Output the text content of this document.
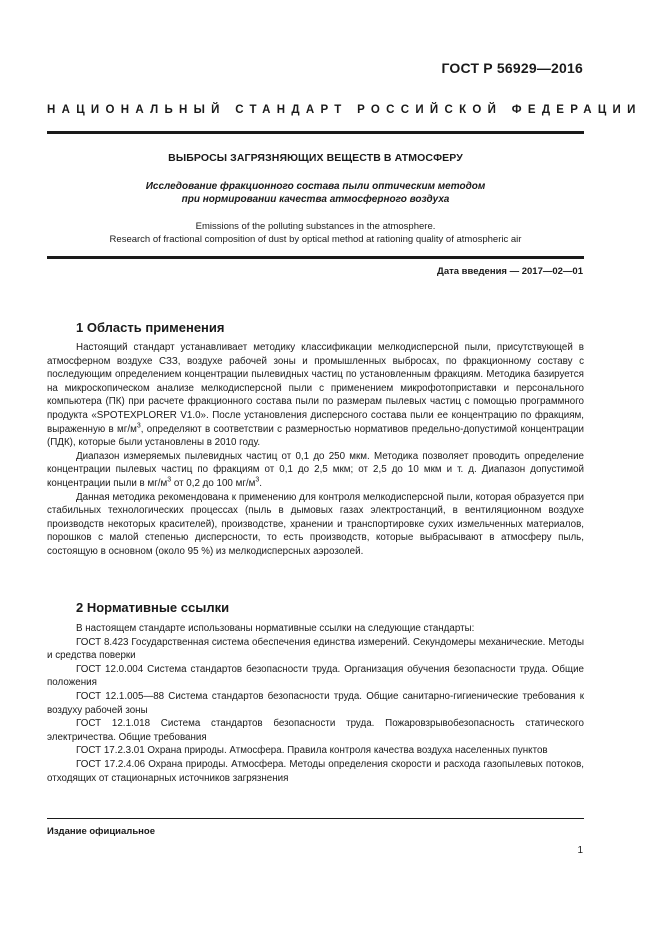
ГОСТ Р 56929—2016
НАЦИОНАЛЬНЫЙ СТАНДАРТ РОССИЙСКОЙ ФЕДЕРАЦИИ
ВЫБРОСЫ ЗАГРЯЗНЯЮЩИХ ВЕЩЕСТВ В АТМОСФЕРУ
Исследование фракционного состава пыли оптическим методом
при нормировании качества атмосферного воздуха
Emissions of the polluting substances in the atmosphere.
Research of fractional composition of dust by optical method at rationing quality of atmospheric air
Дата введения — 2017—02—01
1 Область применения

Настоящий стандарт устанавливает методику классификации мелкодисперсной пыли, присутствующей в атмосферном воздухе СЗЗ, воздухе рабочей зоны и промышленных выбросах, по фракционному составу с последующим определением концентрации пылевидных частиц по установленным фракциям. Методика базируется на микроскопическом анализе мелкодисперсной пыли с применением микрофотоприставки и персонального компьютера (ПК) при расчете фракционного состава пыли по размерам пылевых частиц с помощью программного продукта «SPOTEXPLORER V1.0». После установления дисперсного состава пыли ее концентрацию по фракциям, выраженную в $мг/м^3$, определяют в соответствии с размерностью нормативов предельно-допустимой концентрации (ПДК), которые были установлены в 2010 году.

Диапазон измеряемых пылевидных частиц от 0,1 до 250 мкм. Методика позволяет проводить определение концентрации пылевых частиц по фракциям от 0,1 до 2,5 мкм; от 2,5 до 10 мкм и т. д. Диапазон допустимой концентрации пыли в $мг/м^3$ от 0,2 до 100 $мг/м^3$.

Данная методика рекомендована к применению для контроля мелкодисперсной пыли, которая образуется при стабильных технологических процессах (пыль в дымовых газах электростанций, в вентиляционном воздухе производств некоторых красителей), производстве, хранении и транспортировке сухих измельченных материалов, порошков с малой степенью дисперсности, то есть производств, которые выбрасывают в атмосферу пыль, состоящую в основном (около 95 %) из мелкодисперсных аэрозолей.

2 Нормативные ссылки

В настоящем стандарте использованы нормативные ссылки на следующие стандарты:

ГОСТ 8.423 Государственная система обеспечения единства измерений. Секундомеры механические. Методы и средства поверки

ГОСТ 12.0.004 Система стандартов безопасности труда. Организация обучения безопасности труда. Общие положения

ГОСТ 12.1.005—88 Система стандартов безопасности труда. Общие санитарно-гигиенические требования к воздуху рабочей зоны

ГОСТ 12.1.018 Система стандартов безопасности труда. Пожаровзрывобезопасность статического электричества. Общие требования

ГОСТ 17.2.3.01 Охрана природы. Атмосфера. Правила контроля качества воздуха населенных пунктов

ГОСТ 17.2.4.06 Охрана природы. Атмосфера. Методы определения скорости и расхода газопылевых потоков, отходящих от стационарных источников загрязнения

Издание официальное
1
